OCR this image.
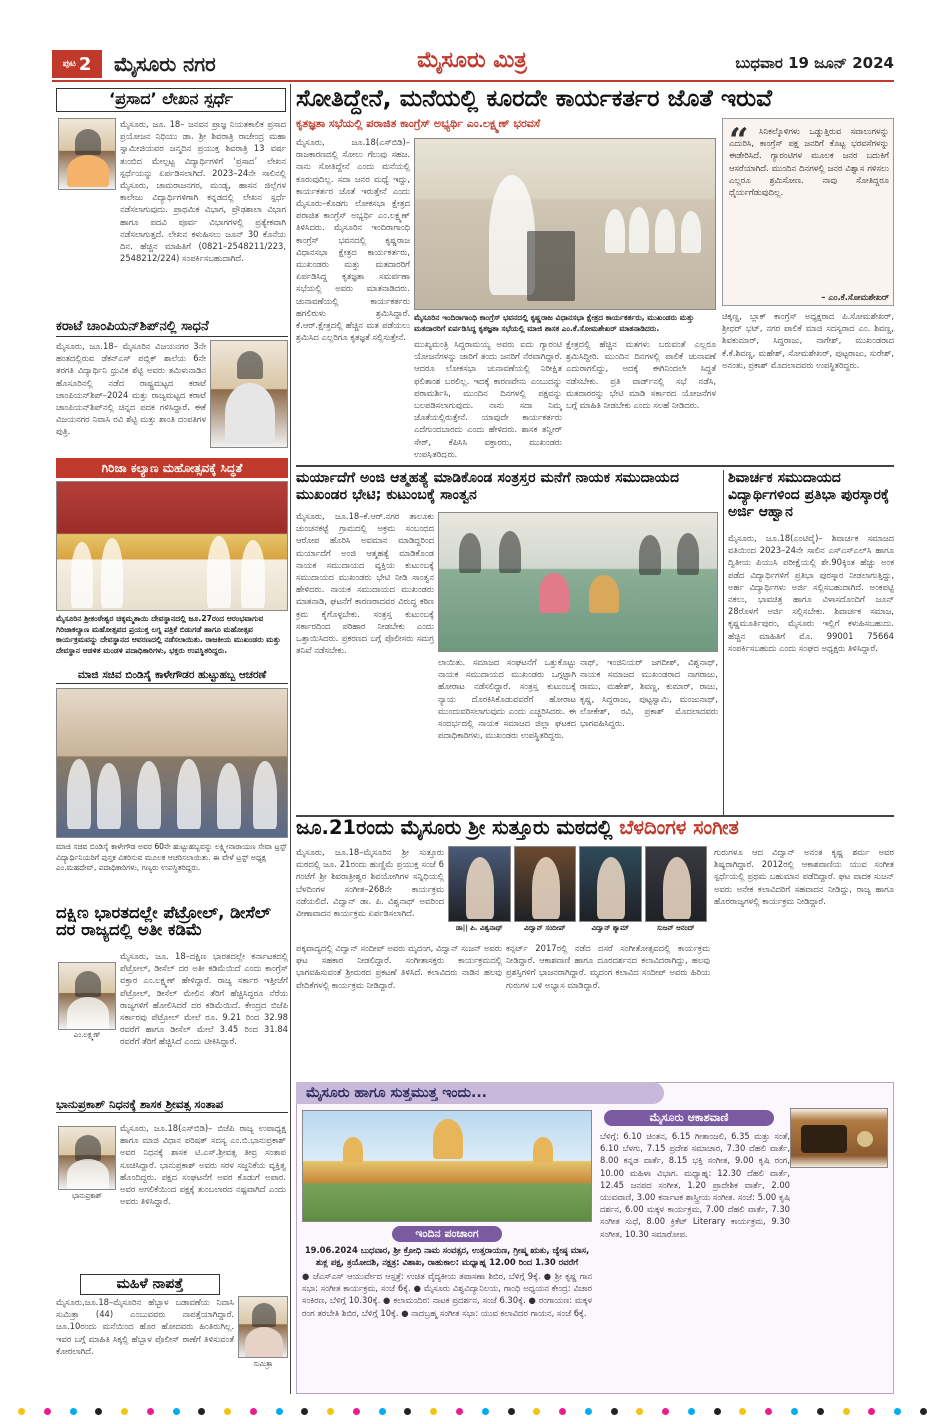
ಪುಟ 2 ಮೈಸೂರು ನಗರ	ಮೈಸೂರು ಮಿತ್ರ	ಬುಧವಾರ 19 ಜೂನ್ 2024
‘ಪ್ರಸಾದ’ ಲೇಖನ ಸ್ಪರ್ಧೆ
ಮೈಸೂರು, ಜೂ. 18– ಜನವನ ಪ್ರಾಜ್ಞ ನಿಯತಕಾಲಿಕ ಪ್ರಸಾದ ಪ್ರಯೋಜನ ನಿಧಿಯು ಡಾ. ಶ್ರೀ ಶಿವರಾತ್ರಿ ರಾಜೇಂದ್ರ ಮಹಾ ಸ್ವಾಮೀಜಿಯವರ ಜನ್ಮದಿನ ಪ್ರಯುಕ್ತ ಶಿವರಾತ್ರಿ 13 ವರ್ಷ ತುಂಬಿದ ಮೇಲ್ಪಟ್ಟ ವಿದ್ಯಾರ್ಥಿಗಳಿಗೆ ‘ಪ್ರಸಾದ’ ಲೇಖನ ಸ್ಪರ್ಧೆಯನ್ನು ಏರ್ಪಡಿಸಲಾಗಿದೆ. 2023–24ನೇ ಸಾಲಿನಲ್ಲಿ ಮೈಸೂರು, ಚಾಮರಾಜನಗರ, ಮಂಡ್ಯ, ಹಾಸನ ಜಿಲ್ಲೆಗಳ ಕಾಲೇಜು ವಿದ್ಯಾರ್ಥಿಗಳಿಗಾಗಿ ಕನ್ನಡದಲ್ಲಿ ಲೇಖನ ಸ್ಪರ್ಧೆ ನಡೆಸಲಾಗುವುದು. ಪ್ರಾಥಮಿಕ ವಿಭಾಗ, ಪ್ರೌಢಶಾಲಾ ವಿಭಾಗ ಹಾಗೂ ಪದವಿ ಪೂರ್ವ ವಿಭಾಗಗಳಲ್ಲಿ ಪ್ರತ್ಯೇಕವಾಗಿ ನಡೆಸಲಾಗುತ್ತದೆ. ಲೇಖನ ಕಳುಹಿಸಲು ಜೂನ್ 30 ಕೊನೆಯ ದಿನ. ಹೆಚ್ಚಿನ ಮಾಹಿತಿಗೆ (0821–2548211/223, 2548212/224) ಸಂಪರ್ಕಿಸಬಹುದಾಗಿದೆ.
ಕರಾಟೆ ಚಾಂಪಿಯನ್‌ಶಿಪ್‌ನಲ್ಲಿ ಸಾಧನೆ
ಮೈಸೂರು, ಜೂ.18– ಮೈಸೂರಿನ ವಿಜಯನಗರ 3ನೇ ಹಂತದಲ್ಲಿರುವ ಡೆಕನ್‌ಎಸ್ ಪಬ್ಲಿಕ್ ಶಾಲೆಯ 6ನೇ ತರಗತಿ ವಿದ್ಯಾರ್ಥಿನಿ ಧ್ರುವಿಕ ಶೆಟ್ಟಿ ಅವರು ತಮಿಳುನಾಡಿನ ಹೊಸೂರಿನಲ್ಲಿ ನಡೆದ ರಾಷ್ಟ್ರಮಟ್ಟದ ಕರಾಟೆ ಚಾಂಪಿಯನ್‌ಶಿಪ್–2024 ಮತ್ತು ರಾಜ್ಯಮಟ್ಟದ ಕರಾಟೆ ಚಾಂಪಿಯನ್‌ಶಿಪ್‌ನಲ್ಲಿ ಚಿನ್ನದ ಪದಕ ಗಳಿಸಿದ್ದಾರೆ. ಈಕೆ ವಿಜಯನಗರ ನಿವಾಸಿ ರವಿ ಶೆಟ್ಟಿ ಮತ್ತು ಶಾಂತಿ ದಂಪತಿಗಳ ಪುತ್ರಿ.
ಗಿರಿಜಾ ಕಲ್ಯಾಣ ಮಹೋತ್ಸವಕ್ಕೆ ಸಿದ್ಧತೆ
ಮೈಸೂರಿನ ಶ್ರೀಕಂಠೇಶ್ವರ ಚಿಕ್ಕಮ್ಮತಾಯಿ ದೇವಸ್ಥಾನದಲ್ಲಿ ಜೂ.27ರಂದ ಆರಂಭವಾಗುವ ಗಿರಿಜಾಕಲ್ಯಾಣ ಮಹೋತ್ಸವದ ಪ್ರಯುಕ್ತ ಲಗ್ನ ಪತ್ರಿಕೆ ಬಿಡುಗಡೆ ಹಾಗೂ ಮಹೋತ್ಸವ ಕಾರ್ಯಕ್ರಮವನ್ನು ದೇವಸ್ಥಾನದ ಆವರಣದಲ್ಲಿ ನಡೆಸಲಾಯಿತು. ರಾಜಕೀಯ ಮುಖಂಡರು ಮತ್ತು ದೇವಸ್ಥಾನ ಆಡಳಿತ ಮಂಡಳಿ ಪದಾಧಿಕಾರಿಗಳು, ಭಕ್ತರು ಉಪಸ್ಥಿತರಿದ್ದರು.
ಮಾಜಿ ಸಚಿವ ಬಿಂಡಿಸೈ ಕಾಳೇಗೌಡರ ಹುಟ್ಟುಹಬ್ಬ ಆಚರಣೆ
ಮಾಜಿ ಸಚಿವ ಬಿಂಡಿಸೈ ಕಾಳೇಗೌಡ ಅವರ 60ನೇ ಹುಟ್ಟುಹಬ್ಬವನ್ನು ಲಕ್ಷ್ಮೀನಾರಾಯಣ ಸೇವಾ ಟ್ರಸ್ಟ್ ವಿದ್ಯಾರ್ಥಿನಿಯರಿಗೆ ಪುಸ್ತಕ ವಿತರಿಸುವ ಮೂಲಕ ಆಚರಿಸಲಾಯಿತು. ಈ ವೇಳೆ ಟ್ರಸ್ಟ್ ಅಧ್ಯಕ್ಷ ಎಂ.ಮಹದೇವ್, ಪದಾಧಿಕಾರಿಗಳು, ಗಣ್ಯರು ಉಪಸ್ಥಿತರಿದ್ದರು.
ದಕ್ಷಿಣ ಭಾರತದಲ್ಲೇ ಪೆಟ್ರೋಲ್, ಡೀಸೆಲ್ ದರ ರಾಜ್ಯದಲ್ಲಿ ಅತೀ ಕಡಿಮೆ
ಎಂ.ಲಕ್ಷ್ಮಣ್
ಮೈಸೂರು, ಜೂ. 18–ದಕ್ಷಿಣ ಭಾರತದಲ್ಲೇ ಕರ್ನಾಟಕದಲ್ಲಿ ಪೆಟ್ರೋಲ್, ಡೀಸೆಲ್ ದರ ಅತೀ ಕಡಿಮೆಯಿದೆ ಎಂದು ಕಾಂಗ್ರೆಸ್ ವಕ್ತಾರ ಎಂ.ಲಕ್ಷ್ಮಣ್ ಹೇಳಿದ್ದಾರೆ. ರಾಜ್ಯ ಸರ್ಕಾರ ಇತ್ತೀಚೆಗೆ ಪೆಟ್ರೋಲ್, ಡೀಸೆಲ್ ಮೇಲಿನ ತೆರಿಗೆ ಹೆಚ್ಚಿಸಿದ್ದರೂ ನೆರೆಯ ರಾಜ್ಯಗಳಿಗೆ ಹೋಲಿಸಿದರೆ ದರ ಕಡಿಮೆಯಿದೆ. ಕೇಂದ್ರದ ಬಿಜೆಪಿ ಸರ್ಕಾರವು ಪೆಟ್ರೋಲ್ ಮೇಲೆ ರೂ. 9.21 ರಿಂದ 32.98 ರವರೆಗೆ ಹಾಗೂ ಡೀಸೆಲ್ ಮೇಲೆ 3.45 ರಿಂದ 31.84 ರವರೆಗೆ ತೆರಿಗೆ ಹೆಚ್ಚಿಸಿದೆ ಎಂದು ಟೀಕಿಸಿದ್ದಾರೆ.
ಭಾನುಪ್ರಕಾಶ್ ನಿಧನಕ್ಕೆ ಶಾಸಕ ಶ್ರೀವತ್ಸ ಸಂತಾಪ
ಭಾನುಪ್ರಕಾಶ್
ಮೈಸೂರು, ಜೂ.18(ಎಸ್‌ಬಿಡಿ)– ಬಿಜೆಪಿ ರಾಜ್ಯ ಉಪಾಧ್ಯಕ್ಷ ಹಾಗೂ ಮಾಜಿ ವಿಧಾನ ಪರಿಷತ್ ಸದಸ್ಯ ಎಂ.ಬಿ.ಭಾನುಪ್ರಕಾಶ್ ಅವರ ನಿಧನಕ್ಕೆ ಶಾಸಕ ಟಿ.ಎಸ್.ಶ್ರೀವತ್ಸ ತೀವ್ರ ಸಂತಾಪ ಸೂಚಿಸಿದ್ದಾರೆ. ಭಾನುಪ್ರಕಾಶ್ ಅವರು ಸರಳ ಸಜ್ಜನಿಕೆಯ ವ್ಯಕ್ತಿತ್ವ ಹೊಂದಿದ್ದರು. ಪಕ್ಷದ ಸಂಘಟನೆಗೆ ಅವರ ಕೊಡುಗೆ ಅಪಾರ. ಅವರ ಅಗಲಿಕೆಯಿಂದ ಪಕ್ಷಕ್ಕೆ ತುಂಬಲಾರದ ನಷ್ಟವಾಗಿದೆ ಎಂದು ಅವರು ತಿಳಿಸಿದ್ದಾರೆ.
ಮಹಿಳೆ ನಾಪತ್ತೆ
ಮೈಸೂರು,ಜೂ.18–ಮೈಸೂರಿನ ಹೆಬ್ಬಾಳ ಬಡಾವಣೆಯ ನಿವಾಸಿ ಸುಮಿತ್ರಾ (44) ಎಂಬುವವರು ನಾಪತ್ತೆಯಾಗಿದ್ದಾರೆ. ಜೂ.10ರಂದು ಮನೆಯಿಂದ ಹೊರ ಹೋದವರು ಹಿಂತಿರುಗಿಲ್ಲ. ಇವರ ಬಗ್ಗೆ ಮಾಹಿತಿ ಸಿಕ್ಕಲ್ಲಿ ಹೆಬ್ಬಾಳ ಪೊಲೀಸ್ ಠಾಣೆಗೆ ತಿಳಿಸುವಂತೆ ಕೋರಲಾಗಿದೆ.
ಸುಮಿತ್ರಾ
ಸೋತಿದ್ದೇನೆ, ಮನೆಯಲ್ಲಿ ಕೂರದೇ ಕಾರ್ಯಕರ್ತರ ಜೊತೆ ಇರುವೆ
ಕೃತಜ್ಞತಾ ಸಭೆಯಲ್ಲಿ ಪರಾಜಿತ ಕಾಂಗ್ರೆಸ್ ಅಭ್ಯರ್ಥಿ ಎಂ.ಲಕ್ಷ್ಮಣ್ ಭರವಸೆ
ಮೈಸೂರು, ಜೂ.18(ಎಸ್‌ಬಿಡಿ)– ರಾಜಕಾರಣದಲ್ಲಿ ಸೋಲು ಗೆಲುವು ಸಹಜ. ನಾನು ಸೋತಿದ್ದೇನೆ ಎಂದು ಮನೆಯಲ್ಲಿ ಕೂರುವುದಿಲ್ಲ. ಸದಾ ಜನರ ಮಧ್ಯೆ ಇದ್ದು, ಕಾರ್ಯಕರ್ತರ ಜೊತೆ ಇರುತ್ತೇನೆ ಎಂದು ಮೈಸೂರು–ಕೊಡಗು ಲೋಕಸಭಾ ಕ್ಷೇತ್ರದ ಪರಾಜಿತ ಕಾಂಗ್ರೆಸ್ ಅಭ್ಯರ್ಥಿ ಎಂ.ಲಕ್ಷ್ಮಣ್ ತಿಳಿಸಿದರು. ಮೈಸೂರಿನ ಇಂದಿರಾಗಾಂಧಿ ಕಾಂಗ್ರೆಸ್ ಭವನದಲ್ಲಿ ಕೃಷ್ಣರಾಜ ವಿಧಾನಸಭಾ ಕ್ಷೇತ್ರದ ಕಾರ್ಯಕರ್ತರು, ಮುಖಂಡರು ಮತ್ತು ಮತದಾರರಿಗೆ ಏರ್ಪಡಿಸಿದ್ದ ಕೃತಜ್ಞತಾ ಸಮರ್ಪಣಾ ಸಭೆಯಲ್ಲಿ ಅವರು ಮಾತನಾಡಿದರು. ಚುನಾವಣೆಯಲ್ಲಿ ಕಾರ್ಯಕರ್ತರು ಹಗಲಿರುಳು ಶ್ರಮಿಸಿದ್ದಾರೆ. ಕೆ.ಆರ್.ಕ್ಷೇತ್ರದಲ್ಲಿ ಹೆಚ್ಚಿನ ಮತ ಪಡೆಯಲು ಶ್ರಮಿಸಿದ ಎಲ್ಲರಿಗೂ ಕೃತಜ್ಞತೆ ಸಲ್ಲಿಸುತ್ತೇನೆ.
ಮೈಸೂರಿನ ಇಂದಿರಾಗಾಂಧಿ ಕಾಂಗ್ರೆಸ್ ಭವನದಲ್ಲಿ ಕೃಷ್ಣರಾಜ ವಿಧಾನಸಭಾ ಕ್ಷೇತ್ರದ ಕಾರ್ಯಕರ್ತರು, ಮುಖಂಡರು ಮತ್ತು ಮತದಾರರಿಗೆ ಏರ್ಪಡಿಸಿದ್ದ ಕೃತಜ್ಞತಾ ಸಭೆಯಲ್ಲಿ ಮಾಜಿ ಶಾಸಕ ಎಂ.ಕೆ.ಸೋಮಶೇಖರ್ ಮಾತನಾಡಿದರು.
ಮುಖ್ಯಮಂತ್ರಿ ಸಿದ್ದರಾಮಯ್ಯ ಅವರು ಐದು ಗ್ಯಾರಂಟಿ ಯೋಜನೆಗಳನ್ನು ಜಾರಿಗೆ ತಂದು ಜನರಿಗೆ ನೆರವಾಗಿದ್ದಾರೆ. ಆದರೂ ಲೋಕಸಭಾ ಚುನಾವಣೆಯಲ್ಲಿ ನಿರೀಕ್ಷಿತ ಫಲಿತಾಂಶ ಬರಲಿಲ್ಲ. ಇದಕ್ಕೆ ಕಾರಣವೇನು ಎಂಬುದನ್ನು ಪರಾಮರ್ಶಿಸಿ, ಮುಂದಿನ ದಿನಗಳಲ್ಲಿ ಪಕ್ಷವನ್ನು ಬಲಪಡಿಸಲಾಗುವುದು. ನಾನು ಸದಾ ನಿಮ್ಮ ಜೊತೆಯಲ್ಲಿರುತ್ತೇನೆ. ಯಾವುದೇ ಕಾರ್ಯಕರ್ತರು ಎದೆಗುಂದಬಾರದು ಎಂದು ಹೇಳಿದರು. ಶಾಸಕ ತನ್ವೀರ್ ಸೇಠ್, ಕೆಪಿಸಿಸಿ ವಕ್ತಾರರು, ಮುಖಂಡರು ಉಪಸ್ಥಿತರಿದ್ದರು.
ಕ್ಷೇತ್ರದಲ್ಲಿ ಹೆಚ್ಚಿನ ಮತಗಳು ಬರುವಂತೆ ಎಲ್ಲರೂ ಶ್ರಮಿಸಿದ್ದೀರಿ. ಮುಂದಿನ ದಿನಗಳಲ್ಲಿ ಪಾಲಿಕೆ ಚುನಾವಣೆ ಎದುರಾಗಲಿದ್ದು, ಅದಕ್ಕೆ ಈಗಿನಿಂದಲೇ ಸಿದ್ಧತೆ ನಡೆಸಬೇಕು. ಪ್ರತಿ ವಾರ್ಡ್‌ನಲ್ಲಿ ಸಭೆ ನಡೆಸಿ, ಮತದಾರರನ್ನು ಭೇಟಿ ಮಾಡಿ ಸರ್ಕಾರದ ಯೋಜನೆಗಳ ಬಗ್ಗೆ ಮಾಹಿತಿ ನೀಡಬೇಕು ಎಂದು ಸಲಹೆ ನೀಡಿದರು.
“	ಸಿನಿಕಲ್ಕೊಳಿಗಳು ಒಡ್ಡುತ್ತಿರುವ ಸವಾಲುಗಳನ್ನು ಎದುರಿಸಿ, ಕಾಂಗ್ರೆಸ್ ಪಕ್ಷ ಜನರಿಗೆ ಕೊಟ್ಟ ಭರವಸೆಗಳನ್ನು ಈಡೇರಿಸಿದೆ. ಗ್ಯಾರಂಟಿಗಳ ಮೂಲಕ ಜನರ ಬದುಕಿಗೆ ಆಸರೆಯಾಗಿದೆ. ಮುಂದಿನ ದಿನಗಳಲ್ಲಿ ಜನರ ವಿಶ್ವಾಸ ಗಳಿಸಲು ಎಲ್ಲರೂ ಶ್ರಮಿಸೋಣ. ನಾವು ಸೋತಿದ್ದರೂ ಧೈರ್ಯಗೆಡುವುದಿಲ್ಲ.
– ಎಂ.ಕೆ.ಸೋಮಶೇಖರ್
ಚಿಕ್ಕಣ್ಣ, ಬ್ಲಾಕ್ ಕಾಂಗ್ರೆಸ್ ಅಧ್ಯಕ್ಷರಾದ ಪಿ.ಸೋಮಶೇಖರ್, ಶ್ರೀಧರ್ ಭಟ್, ನಗರ ಪಾಲಿಕೆ ಮಾಜಿ ಸದಸ್ಯರಾದ ಎಂ. ಶಿವಣ್ಣ, ಶಿವಕುಮಾರ್, ಸಿದ್ದರಾಜು, ನಾಗೇಶ್, ಮುಖಂಡರಾದ ಕೆ.ಕೆ.ಶಿವಣ್ಣ, ಮಹೇಶ್, ಸೋಮಶೇಖರ್, ಪುಟ್ಟರಾಜು, ಸುರೇಶ್, ಅನಂತು, ಪ್ರಕಾಶ್ ಮೊದಲಾದವರು ಉಪಸ್ಥಿತರಿದ್ದರು.
ಮರ್ಯಾದೆಗೆ ಅಂಜಿ ಆತ್ಮಹತ್ಯೆ ಮಾಡಿಕೊಂಡ ಸಂತ್ರಸ್ತರ ಮನೆಗೆ ನಾಯಕ ಸಮುದಾಯದ ಮುಖಂಡರ ಭೇಟಿ; ಕುಟುಂಬಕ್ಕೆ ಸಾಂತ್ವನ
ಮೈಸೂರು, ಜೂ.18–ಕೆ.ಆರ್.ನಗರ ತಾಲೂಕು ಚುಂಚನಕಟ್ಟೆ ಗ್ರಾಮದಲ್ಲಿ ಅಕ್ರಮ ಸಂಬಂಧದ ಆರೋಪ ಹೊರಿಸಿ ಅವಮಾನ ಮಾಡಿದ್ದರಿಂದ ಮರ್ಯಾದೆಗೆ ಅಂಜಿ ಆತ್ಮಹತ್ಯೆ ಮಾಡಿಕೊಂಡ ನಾಯಕ ಸಮುದಾಯದ ವ್ಯಕ್ತಿಯ ಕುಟುಂಬಕ್ಕೆ ಸಮುದಾಯದ ಮುಖಂಡರು ಭೇಟಿ ನೀಡಿ ಸಾಂತ್ವನ ಹೇಳಿದರು. ನಾಯಕ ಸಮುದಾಯದ ಮುಖಂಡರು ಮಾತನಾಡಿ, ಘಟನೆಗೆ ಕಾರಣರಾದವರ ವಿರುದ್ಧ ಕಠಿಣ ಕ್ರಮ ಕೈಗೊಳ್ಳಬೇಕು. ಸಂತ್ರಸ್ತ ಕುಟುಂಬಕ್ಕೆ ಸರ್ಕಾರದಿಂದ ಪರಿಹಾರ ನೀಡಬೇಕು ಎಂದು ಒತ್ತಾಯಿಸಿದರು. ಪ್ರಕರಣದ ಬಗ್ಗೆ ಪೊಲೀಸರು ಸಮಗ್ರ ತನಿಖೆ ನಡೆಸಬೇಕು.
ಲಾಯಿತು. ಸಮಾಜದ ಸಂಘಟನೆಗೆ ಒತ್ತುಕೊಟ್ಟು ನಾಯಕ ಸಮುದಾಯದ ಮುಖಂಡರು ಒಗ್ಗಟ್ಟಾಗಿ ಹೋರಾಟ ನಡೆಸಲಿದ್ದಾರೆ. ಸಂತ್ರಸ್ತ ಕುಟುಂಬಕ್ಕೆ ನ್ಯಾಯ ದೊರಕಿಸಿಕೊಡುವವರೆಗೆ ಹೋರಾಟ ಮುಂದುವರಿಸಲಾಗುವುದು ಎಂದು ಎಚ್ಚರಿಸಿದರು. ಈ ಸಂದರ್ಭದಲ್ಲಿ ನಾಯಕ ಸಮಾಜದ ಜಿಲ್ಲಾ ಘಟಕದ ಪದಾಧಿಕಾರಿಗಳು, ಮುಖಂಡರು ಉಪಸ್ಥಿತರಿದ್ದರು.
ನಾಥ್, ಇಂಜಿನಿಯರ್ ಜಗದೀಶ್, ವಿಶ್ವನಾಥ್, ನಾಯಕ ಸಮಾಜದ ಮುಖಂಡರಾದ ನಾಗರಾಜು, ರಾಮು, ಮಹೇಶ್, ಶಿವಣ್ಣ, ಕುಮಾರ್, ರಾಜು, ಕೃಷ್ಣ, ಸಿದ್ದರಾಜು, ಪುಟ್ಟಸ್ವಾಮಿ, ಮಂಜುನಾಥ್, ಲೋಕೇಶ್, ರವಿ, ಪ್ರಕಾಶ್ ಮೊದಲಾದವರು ಭಾಗವಹಿಸಿದ್ದರು.
ಶಿವಾರ್ಚಕ ಸಮುದಾಯದ ವಿದ್ಯಾರ್ಥಿಗಳಿಂದ ಪ್ರತಿಭಾ ಪುರಸ್ಕಾರಕ್ಕೆ ಅರ್ಜಿ ಆಹ್ವಾನ
ಮೈಸೂರು, ಜೂ.18(ಎಂಟಿವೈ)– ಶಿವಾರ್ಚಕ ಸಮಾಜದ ವತಿಯಿಂದ 2023–24ನೇ ಸಾಲಿನ ಎಸ್‌ಎಸ್‌ಎಲ್‌ಸಿ ಹಾಗೂ ದ್ವಿತೀಯ ಪಿಯುಸಿ ಪರೀಕ್ಷೆಯಲ್ಲಿ ಶೇ.90ಕ್ಕಿಂತ ಹೆಚ್ಚು ಅಂಕ ಪಡೆದ ವಿದ್ಯಾರ್ಥಿಗಳಿಗೆ ಪ್ರತಿಭಾ ಪುರಸ್ಕಾರ ನೀಡಲಾಗುತ್ತಿದ್ದು, ಅರ್ಹ ವಿದ್ಯಾರ್ಥಿಗಳು ಅರ್ಜಿ ಸಲ್ಲಿಸಬಹುದಾಗಿದೆ. ಅಂಕಪಟ್ಟಿ ನಕಲು, ಭಾವಚಿತ್ರ ಹಾಗೂ ವಿಳಾಸದೊಂದಿಗೆ ಜೂನ್ 28ರೊಳಗೆ ಅರ್ಜಿ ಸಲ್ಲಿಸಬೇಕು. ಶಿವಾರ್ಚಕ ಸಮಾಜ, ಕೃಷ್ಣಮೂರ್ತಿಪುರಂ, ಮೈಸೂರು ಇಲ್ಲಿಗೆ ಕಳುಹಿಸಬಹುದು. ಹೆಚ್ಚಿನ ಮಾಹಿತಿಗೆ ಮೊ. 99001 75664 ಸಂಪರ್ಕಿಸಬಹುದು ಎಂದು ಸಂಘದ ಅಧ್ಯಕ್ಷರು ತಿಳಿಸಿದ್ದಾರೆ.
ಜೂ.21ರಂದು ಮೈಸೂರು ಶ್ರೀ ಸುತ್ತೂರು ಮಠದಲ್ಲಿ ಬೆಳದಿಂಗಳ ಸಂಗೀತ
ಮೈಸೂರು, ಜೂ.18–ಮೈಸೂರಿನ ಶ್ರೀ ಸುತ್ತೂರು ಮಠದಲ್ಲಿ ಜೂ. 21ರಂದು ಹುಣ್ಣಿಮೆ ಪ್ರಯುಕ್ತ ಸಂಜೆ 6 ಗಂಟೆಗೆ ಶ್ರೀ ಶಿವರಾತ್ರೀಶ್ವರ ಶಿವಯೋಗಿಗಳ ಸನ್ನಿಧಿಯಲ್ಲಿ ಬೆಳದಿಂಗಳ ಸಂಗೀತ–268ನೇ ಕಾರ್ಯಕ್ರಮ ನಡೆಯಲಿದೆ. ವಿದ್ವಾನ್ ಡಾ. ಪಿ. ವಿಶ್ವನಾಥ್ ಅವರಿಂದ ವೀಣಾವಾದನ ಕಾರ್ಯಕ್ರಮ ಏರ್ಪಡಿಸಲಾಗಿದೆ.
ಡಾ|| ಪಿ. ವಿಶ್ವನಾಥ್	ವಿದ್ವಾನ್ ಸಂದೀಪ್	ವಿದ್ವಾನ್ ಶ್ಯಾಮ್	ಸುಜನ್ ಆನಂದ್
ಗುರುಗಳೂ ಆದ ವಿದ್ವಾನ್ ಅನಂತ ಕೃಷ್ಣ ಶರ್ಮ ಅವರ ಶಿಷ್ಯರಾಗಿದ್ದಾರೆ. 2012ರಲ್ಲಿ ಆಕಾಶವಾಣಿಯ ಯುವ ಸಂಗೀತ ಸ್ಪರ್ಧೆಯಲ್ಲಿ ಪ್ರಥಮ ಬಹುಮಾನ ಪಡೆದಿದ್ದಾರೆ. ಘಟ ವಾದಕ ಸುಜನ್ ಅವರು ಅನೇಕ ಕಲಾವಿದರಿಗೆ ಸಹವಾದನ ನೀಡಿದ್ದು, ರಾಜ್ಯ ಹಾಗೂ ಹೊರರಾಜ್ಯಗಳಲ್ಲಿ ಕಾರ್ಯಕ್ರಮ ನೀಡಿದ್ದಾರೆ.
ಪಕ್ಕವಾದ್ಯದಲ್ಲಿ ವಿದ್ವಾನ್ ಸಂದೀಪ್ ಅವರು ಮೃದಂಗ, ವಿದ್ವಾನ್ ಸುಜನ್ ಅವರು ಘಟ ಸಹಕಾರ ನೀಡಲಿದ್ದಾರೆ. ಸಂಗೀತಾಸಕ್ತರು ಕಾರ್ಯಕ್ರಮದಲ್ಲಿ ಭಾಗವಹಿಸುವಂತೆ ಶ್ರೀಮಠದ ಪ್ರಕಟಣೆ ತಿಳಿಸಿದೆ. ಕಲಾವಿದರು ನಾಡಿನ ಹಲವು ವೇದಿಕೆಗಳಲ್ಲಿ ಕಾರ್ಯಕ್ರಮ ನೀಡಿದ್ದಾರೆ.
ಕನ್ಸರ್ಟ್ 2017ರಲ್ಲಿ ನಡೆದ ದಸರೆ ಸಂಗೀತೋತ್ಸವದಲ್ಲಿ ಕಾರ್ಯಕ್ರಮ ನೀಡಿದ್ದಾರೆ. ಆಕಾಶವಾಣಿ ಹಾಗೂ ದೂರದರ್ಶನದ ಕಲಾವಿದರಾಗಿದ್ದು, ಹಲವು ಪ್ರಶಸ್ತಿಗಳಿಗೆ ಭಾಜನರಾಗಿದ್ದಾರೆ. ಮೃದಂಗ ಕಲಾವಿದ ಸಂದೀಪ್ ಅವರು ಹಿರಿಯ ಗುರುಗಳ ಬಳಿ ಅಭ್ಯಾಸ ಮಾಡಿದ್ದಾರೆ.
ಮೈಸೂರು ಹಾಗೂ ಸುತ್ತಮುತ್ತ ಇಂದು...
ಇಂದಿನ ಪಂಚಾಂಗ
19.06.2024 ಬುಧವಾರ, ಶ್ರೀ ಕ್ರೋಧಿ ನಾಮ ಸಂವತ್ಸರ, ಉತ್ತರಾಯಣ, ಗ್ರೀಷ್ಮ ಋತು, ಜ್ಯೇಷ್ಠ ಮಾಸ, ಶುಕ್ಲ ಪಕ್ಷ, ತ್ರಯೋದಶಿ, ನಕ್ಷತ್ರ: ವಿಶಾಖ, ರಾಹುಕಾಲ: ಮಧ್ಯಾಹ್ನ 12.00 ರಿಂದ 1.30 ರವರೆಗೆ
● ಜೆಎಸ್‌ಎಸ್ ಆಯುರ್ವೇದ ಆಸ್ಪತ್ರೆ: ಉಚಿತ ವೈದ್ಯಕೀಯ ತಪಾಸಣಾ ಶಿಬಿರ, ಬೆಳಿಗ್ಗೆ 9ಕ್ಕೆ. ● ಶ್ರೀ ಕೃಷ್ಣ ಗಾನ ಸಭಾ: ಸಂಗೀತ ಕಾರ್ಯಕ್ರಮ, ಸಂಜೆ 6ಕ್ಕೆ. ● ಮೈಸೂರು ವಿಶ್ವವಿದ್ಯಾನಿಲಯ, ಗಾಂಧಿ ಅಧ್ಯಯನ ಕೇಂದ್ರ: ವಿಚಾರ ಸಂಕಿರಣ, ಬೆಳಿಗ್ಗೆ 10.30ಕ್ಕೆ. ● ಕಲಾಮಂದಿರ: ನಾಟಕ ಪ್ರದರ್ಶನ, ಸಂಜೆ 6.30ಕ್ಕೆ. ● ರಂಗಾಯಣ: ಮಕ್ಕಳ ರಂಗ ತರಬೇತಿ ಶಿಬಿರ, ಬೆಳಿಗ್ಗೆ 10ಕ್ಕೆ. ● ನಾದಬ್ರಹ್ಮ ಸಂಗೀತ ಸಭಾ: ಯುವ ಕಲಾವಿದರ ಗಾಯನ, ಸಂಜೆ 6ಕ್ಕೆ.
ಮೈಸೂರು ಆಕಾಶವಾಣಿ
ಬೆಳಿಗ್ಗೆ: 6.10 ಚಿಂತನ, 6.15 ಗೀತಾಂಜಲಿ, 6.35 ಮತ್ತು ಸಂತೆ, 6.10 ಬೆಳಗು, 7.15 ಪ್ರದೇಶ ಸಮಾಚಾರ, 7.30 ದೆಹಲಿ ವಾರ್ತೆ, 8.00 ಕನ್ನಡ ವಾರ್ತೆ, 8.15 ಭಕ್ತಿ ಸಂಗೀತ, 9.00 ಕೃಷಿ ರಂಗ, 10.00 ಮಹಿಳಾ ವಿಭಾಗ. ಮಧ್ಯಾಹ್ನ: 12.30 ದೆಹಲಿ ವಾರ್ತೆ, 12.45 ಜನಪದ ಸಂಗೀತ, 1.20 ಪ್ರಾದೇಶಿಕ ವಾರ್ತೆ, 2.00 ಯುವವಾಣಿ, 3.00 ಕರ್ನಾಟಕ ಶಾಸ್ತ್ರೀಯ ಸಂಗೀತ. ಸಂಜೆ: 5.00 ಕೃಷಿ ದರ್ಶನ, 6.00 ಮಕ್ಕಳ ಕಾರ್ಯಕ್ರಮ, 7.00 ದೆಹಲಿ ವಾರ್ತೆ, 7.30 ಸಂಗೀತ ಸುಧೆ, 8.00 ಕ್ರಿಕೆಟ್ Literary ಕಾರ್ಯಕ್ರಮ, 9.30 ಸಂಗೀತ, 10.30 ಸಮಾರೋಪ.
